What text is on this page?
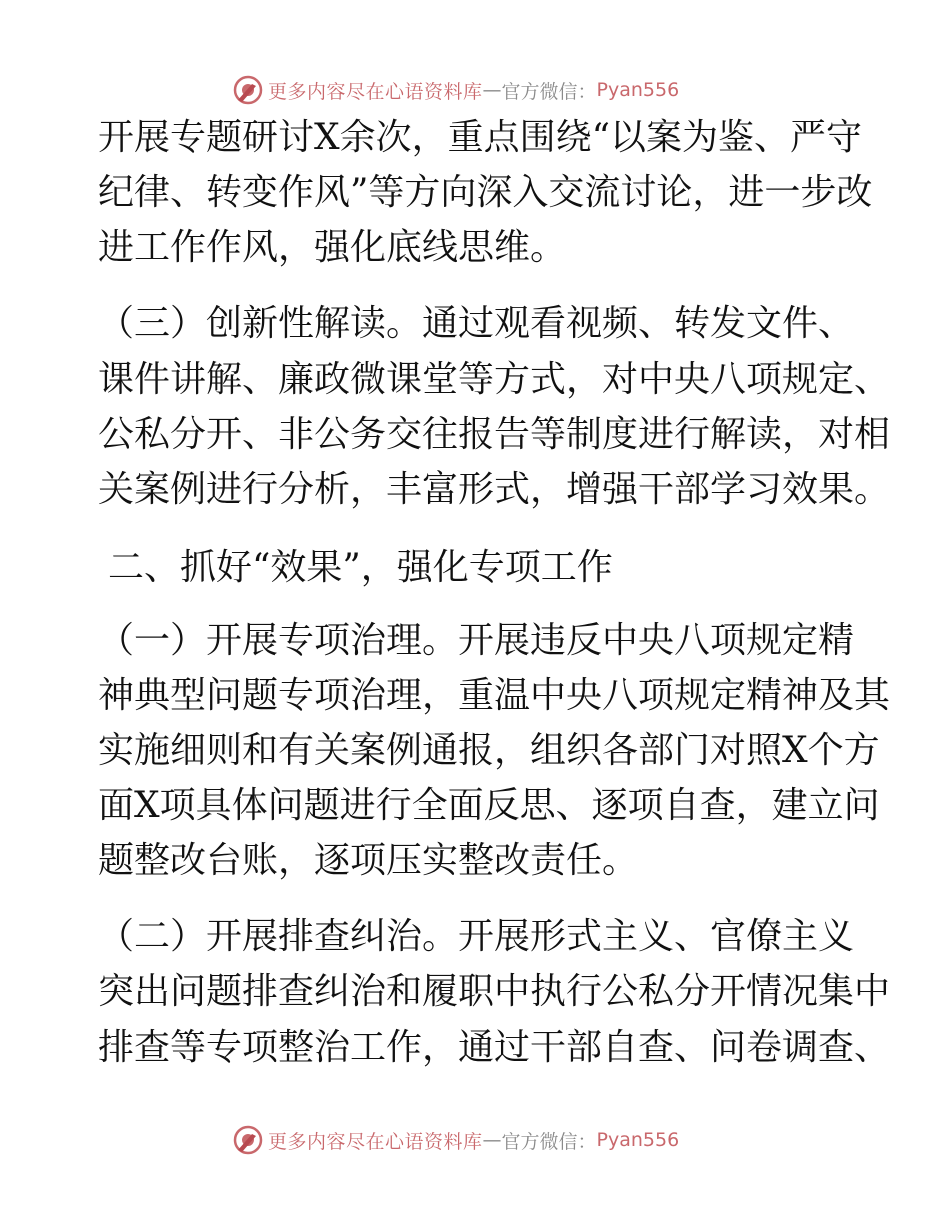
更多内容尽在心语资料库 — 官方微信： Pyan556
开展专题研讨X余次，重点围绕“以案为鉴、严守
纪律、转变作风”等方向深入交流讨论，进一步改
进工作作风，强化底线思维。
（三）创新性解读。通过观看视频、转发文件、
课件讲解、廉政微课堂等方式，对中央八项规定、
公私分开、非公务交往报告等制度进行解读，对相
关案例进行分析，丰富形式，增强干部学习效果。
二、抓好“效果”，强化专项工作
（一）开展专项治理。开展违反中央八项规定精
神典型问题专项治理，重温中央八项规定精神及其
实施细则和有关案例通报，组织各部门对照X个方
面X项具体问题进行全面反思、逐项自查，建立问
题整改台账，逐项压实整改责任。
（二）开展排查纠治。开展形式主义、官僚主义
突出问题排查纠治和履职中执行公私分开情况集中
排查等专项整治工作，通过干部自查、问卷调查、
更多内容尽在心语资料库 — 官方微信： Pyan556
